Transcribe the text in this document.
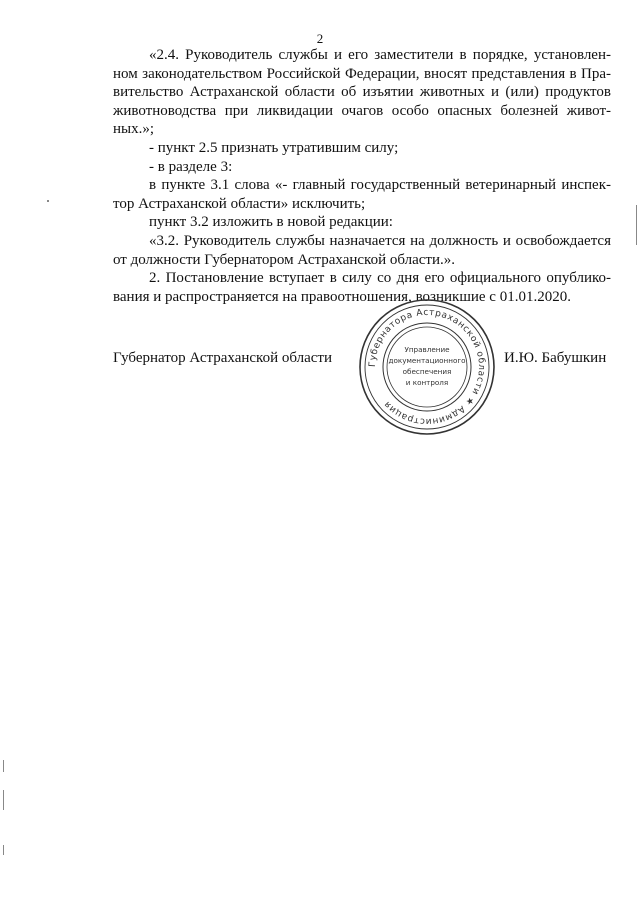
2
«2.4. Руководитель службы и его заместители в порядке, установлен-
ном законодательством Российской Федерации, вносят представления в Пра-
вительство Астраханской области об изъятии животных и (или) продуктов
животноводства при ликвидации очагов особо опасных болезней живот-
ных.»;
- пункт 2.5 признать утратившим силу;
- в разделе 3:
в пункте 3.1 слова «- главный государственный ветеринарный инспек-
тор Астраханской области» исключить;
пункт 3.2 изложить в новой редакции:
«3.2. Руководитель службы назначается на должность и освобождается
от должности Губернатором Астраханской области.».
2. Постановление вступает в силу со дня его официального опублико-
вания и распространяется на правоотношения, возникшие с 01.01.2020.
Губернатор Астраханской области	Губернатора Астраханской области ★ Администрация
Управление
документационного
обеспечения
и контроля
И.Ю. Бабушкин
